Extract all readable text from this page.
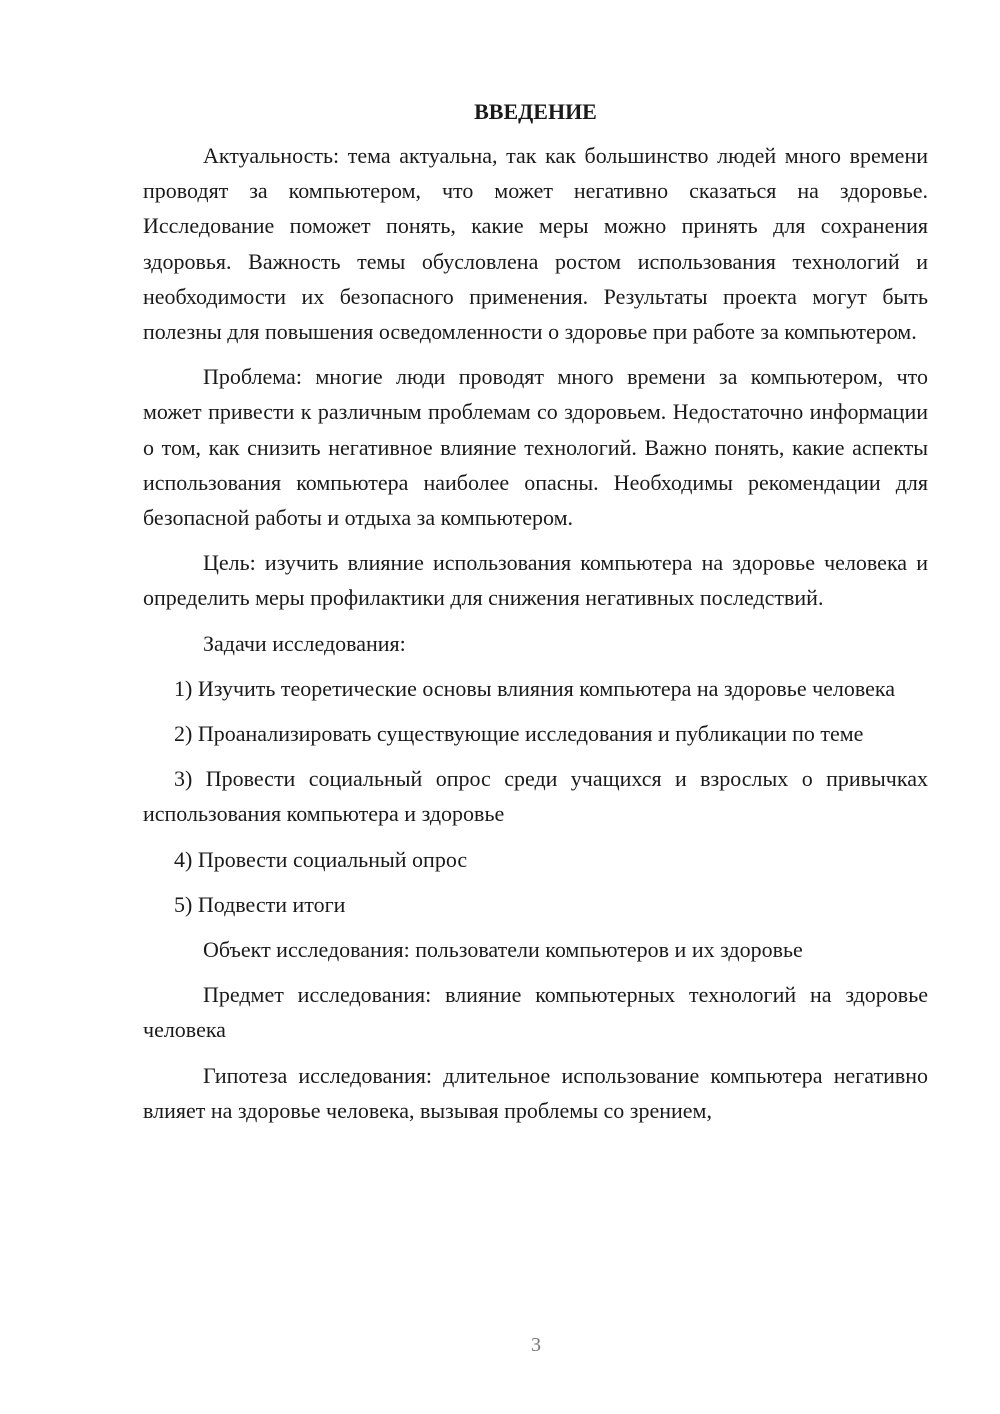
ВВЕДЕНИЕ

Актуальность: тема актуальна, так как большинство людей много времени проводят за компьютером, что может негативно сказаться на здоровье. Исследование поможет понять, какие меры можно принять для сохранения здоровья. Важность темы обусловлена ростом использования технологий и необходимости их безопасного применения. Результаты проекта могут быть полезны для повышения осведомленности о здоровье при работе за компьютером.

Проблема: многие люди проводят много времени за компьютером, что может привести к различным проблемам со здоровьем. Недостаточно информации о том, как снизить негативное влияние технологий. Важно понять, какие аспекты использования компьютера наиболее опасны. Необходимы рекомендации для безопасной работы и отдыха за компьютером.

Цель: изучить влияние использования компьютера на здоровье человека и определить меры профилактики для снижения негативных последствий.

Задачи исследования:

1) Изучить теоретические основы влияния компьютера на здоровье человека

2) Проанализировать существующие исследования и публикации по теме

3) Провести социальный опрос среди учащихся и взрослых о привычках использования компьютера и здоровье

4) Провести социальный опрос

5) Подвести итоги

Объект исследования: пользователи компьютеров и их здоровье

Предмет исследования: влияние компьютерных технологий на здоровье человека

Гипотеза исследования: длительное использование компьютера негативно влияет на здоровье человека, вызывая проблемы со зрением,

3
